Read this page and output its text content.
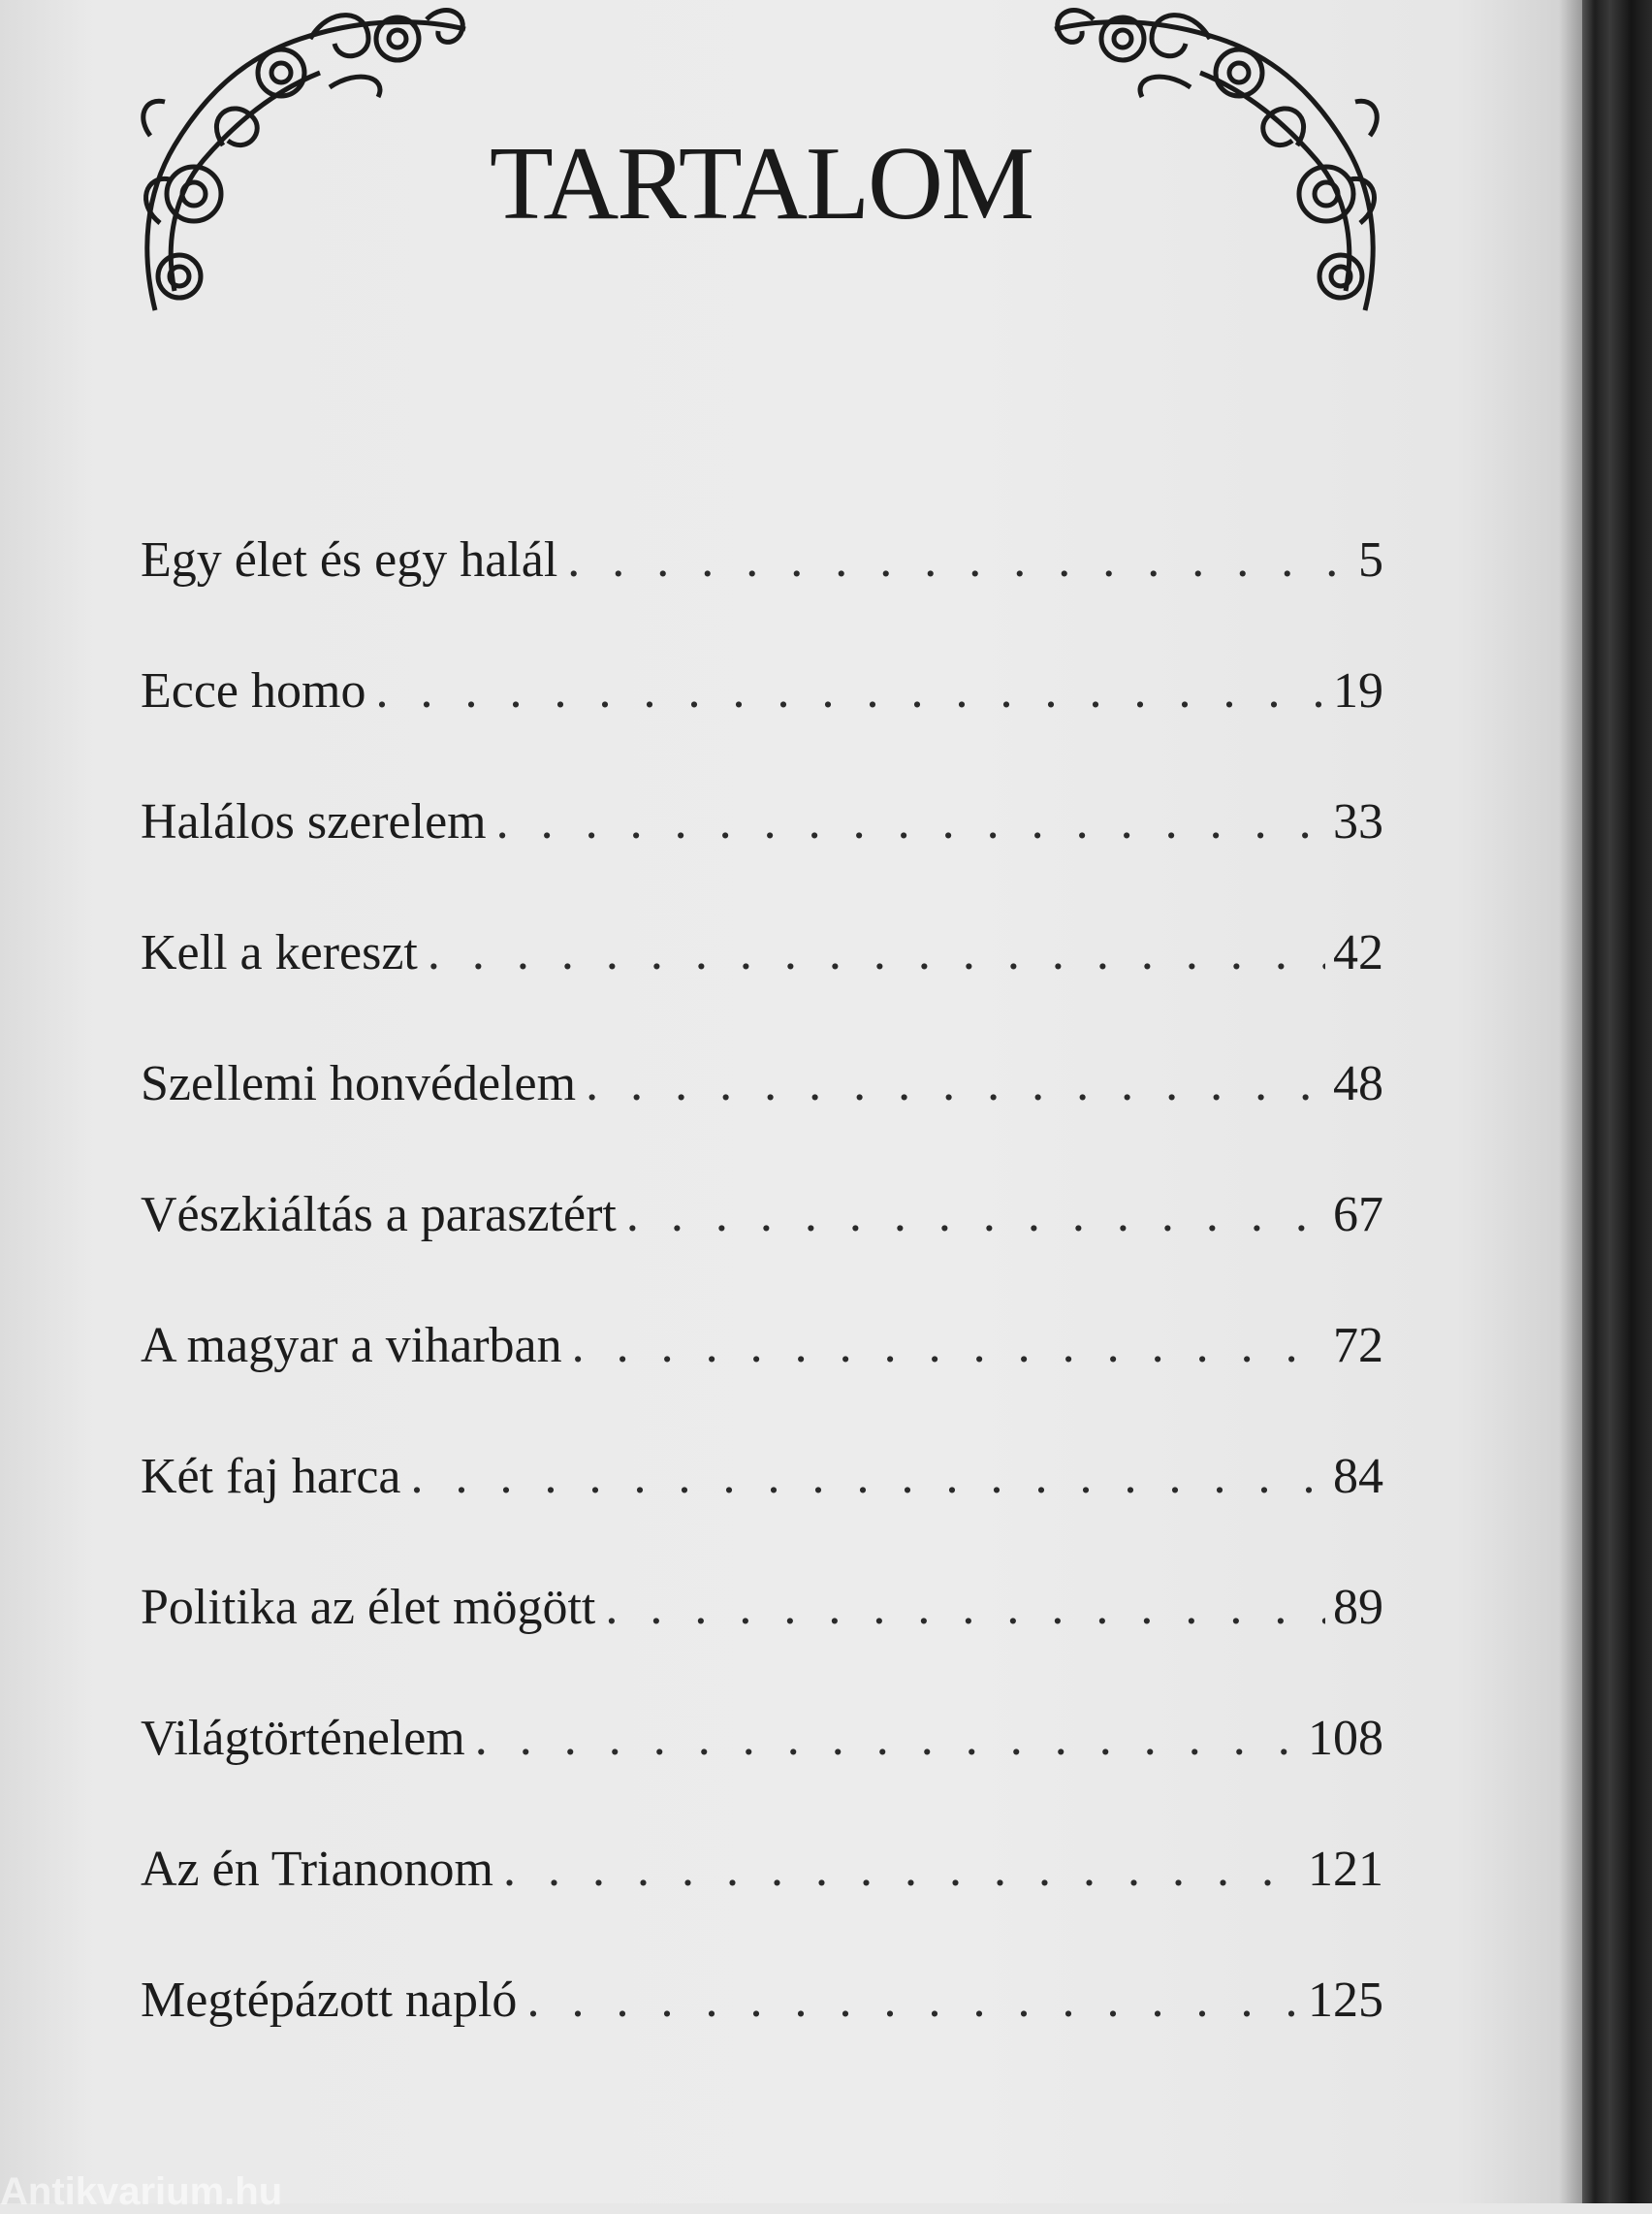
TARTALOM
Egy élet és egy halál . . .	5
Ecce homo . . .	19
Halálos szerelem . . .	33
Kell a kereszt . . .	42
Szellemi honvédelem . . .	48
Vészkiáltás a parasztért . . .	67
A magyar a viharban . . .	72
Két faj harca . . .	84
Politika az élet mögött . . .	89
Világtörténelem . . .	108
Az én Trianonom . . .	121
Megtépázott napló . . .	125
Antikvarium.hu
